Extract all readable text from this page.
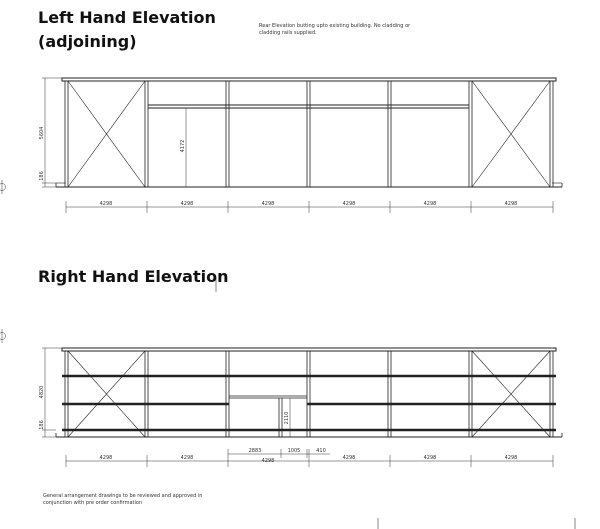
Left Hand Elevation
(adjoining)
Right Hand Elevation

Rear Elevation butting upto existing building. No cladding or

cladding rails supplied.

General arrangement drawings to be reviewed and approved in

conjunction with pre order confirmation

4298	4298	4298	4298	4298	4298
5604
186
4172
4298	4298	4298	4298	4298	4298
2883	1005	410
4820
186
2110
